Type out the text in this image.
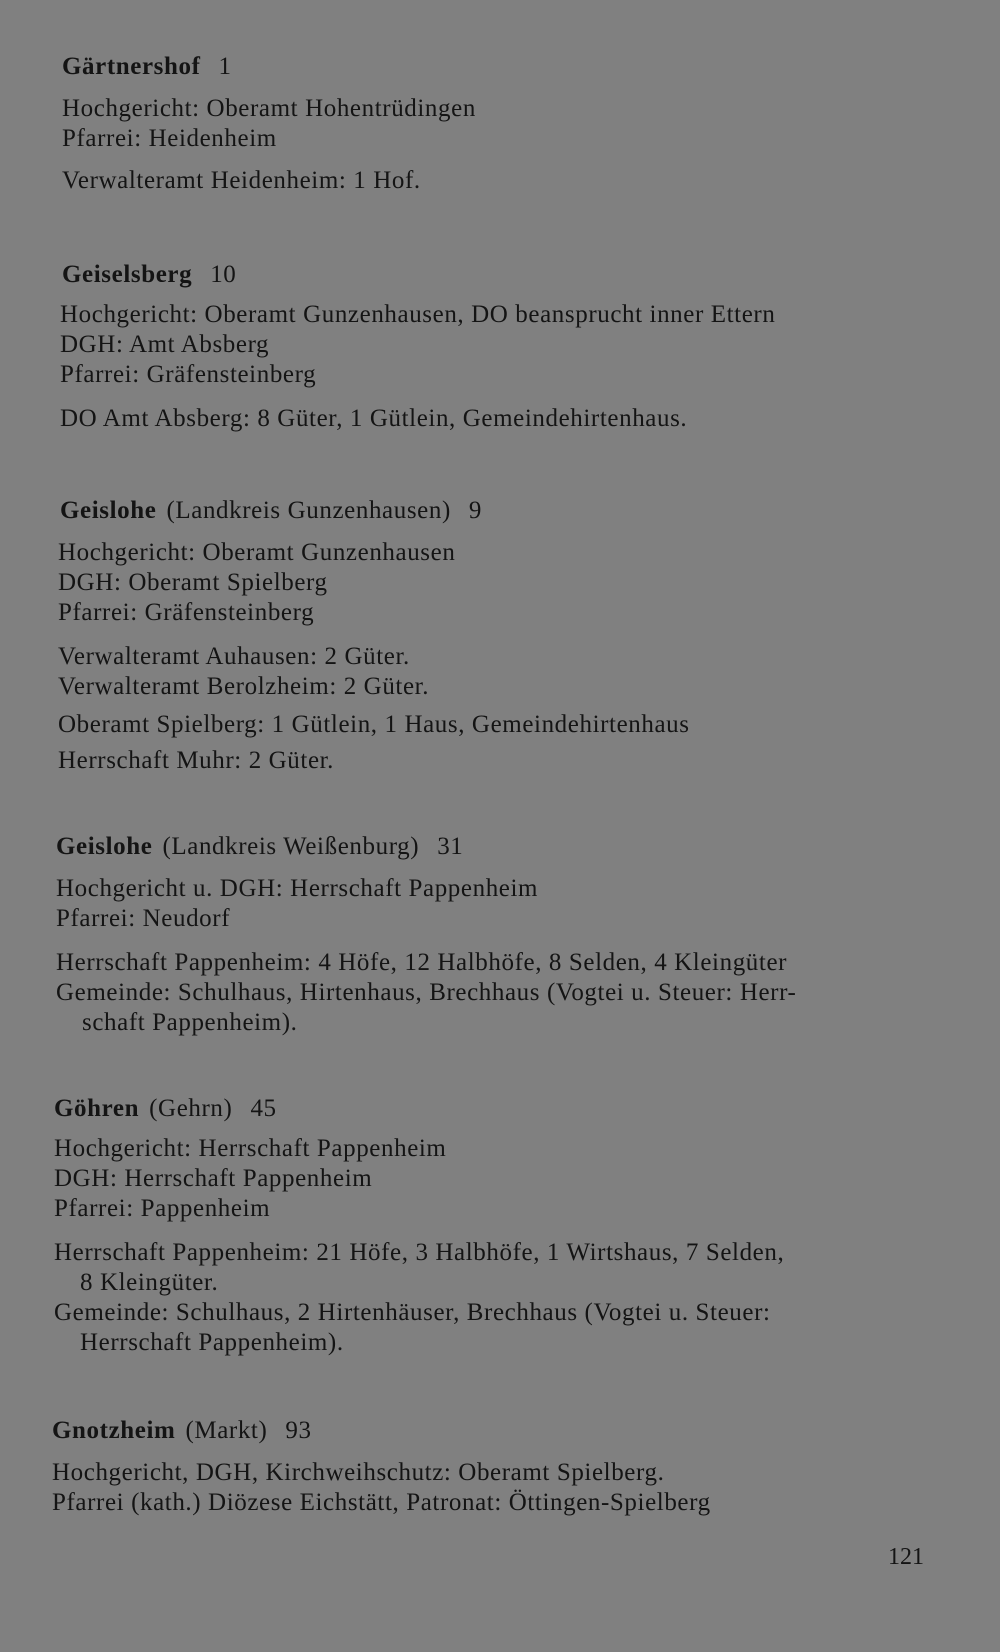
Gärtnershof 1
Hochgericht: Oberamt Hohentrüdingen
Pfarrei: Heidenheim
Verwalteramt Heidenheim: 1 Hof.
Geiselsberg 10
Hochgericht: Oberamt Gunzenhausen, DO beansprucht inner Ettern
DGH: Amt Absberg
Pfarrei: Gräfensteinberg
DO Amt Absberg: 8 Güter, 1 Gütlein, Gemeindehirtenhaus.
Geislohe (Landkreis Gunzenhausen) 9
Hochgericht: Oberamt Gunzenhausen
DGH: Oberamt Spielberg
Pfarrei: Gräfensteinberg
Verwalteramt Auhausen: 2 Güter.
Verwalteramt Berolzheim: 2 Güter.
Oberamt Spielberg: 1 Gütlein, 1 Haus, Gemeindehirtenhaus
Herrschaft Muhr: 2 Güter.
Geislohe (Landkreis Weißenburg) 31
Hochgericht u. DGH: Herrschaft Pappenheim
Pfarrei: Neudorf
Herrschaft Pappenheim: 4 Höfe, 12 Halbhöfe, 8 Selden, 4 Kleingüter
Gemeinde: Schulhaus, Hirtenhaus, Brechhaus (Vogtei u. Steuer: Herr-
schaft Pappenheim).
Göhren (Gehrn) 45
Hochgericht: Herrschaft Pappenheim
DGH: Herrschaft Pappenheim
Pfarrei: Pappenheim
Herrschaft Pappenheim: 21 Höfe, 3 Halbhöfe, 1 Wirtshaus, 7 Selden,
8 Kleingüter.
Gemeinde: Schulhaus, 2 Hirtenhäuser, Brechhaus (Vogtei u. Steuer:
Herrschaft Pappenheim).
Gnotzheim (Markt) 93
Hochgericht, DGH, Kirchweihschutz: Oberamt Spielberg.
Pfarrei (kath.) Diözese Eichstätt, Patronat: Öttingen-Spielberg
121
